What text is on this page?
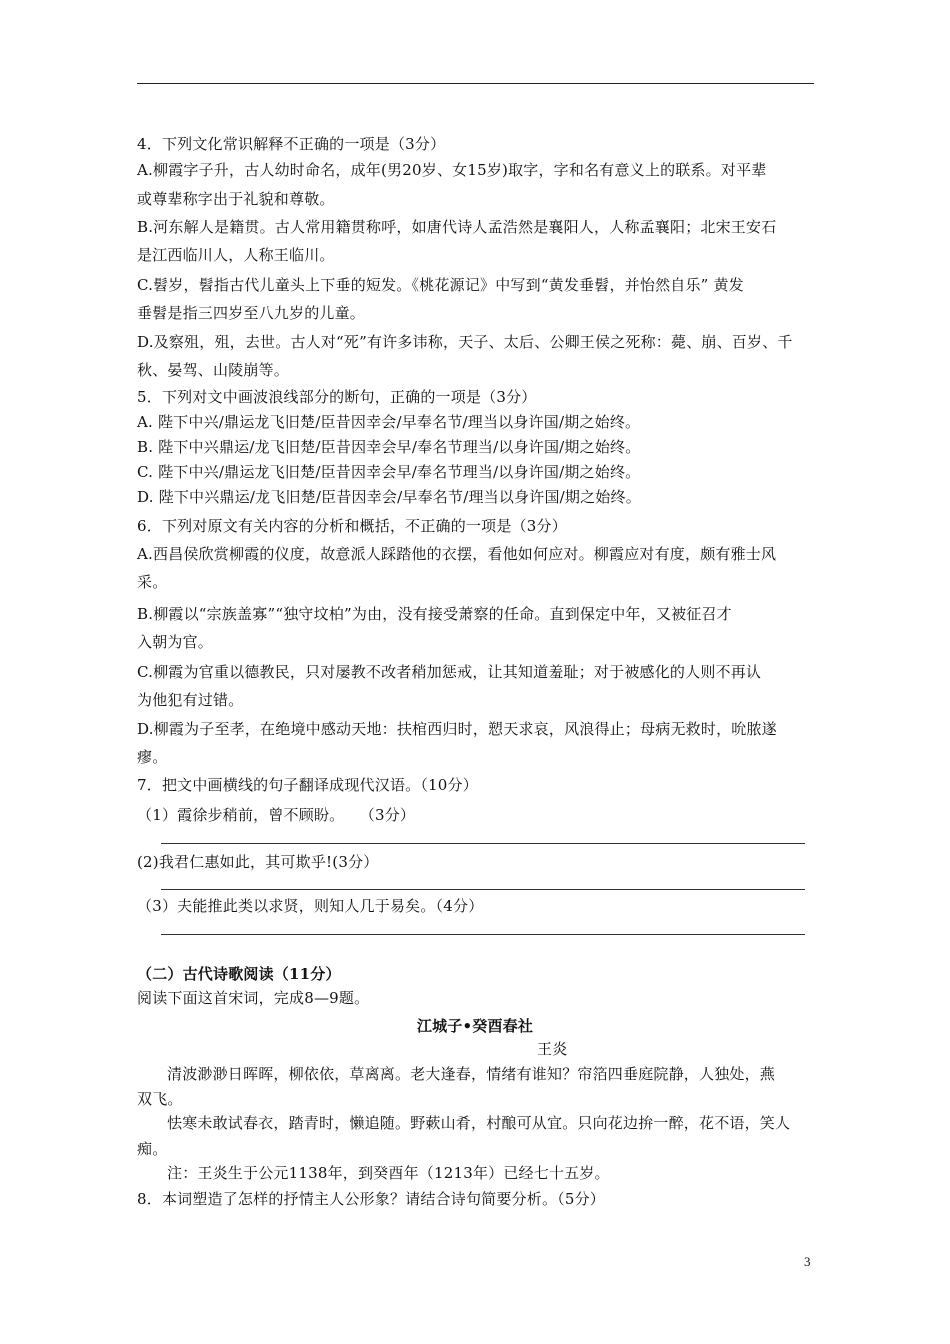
4．下列文化常识解释不正确的一项是（3分）
A.柳霞字子升，古人幼时命名，成年(男20岁、女15岁)取字，字和名有意义上的联系。对平辈
或尊辈称字出于礼貌和尊敬。
B.河东解人是籍贯。古人常用籍贯称呼，如唐代诗人孟浩然是襄阳人，人称孟襄阳；北宋王安石
是江西临川人，人称王临川。
C.髫岁，髫指古代儿童头上下垂的短发。《桃花源记》中写到“黄发垂髫，并怡然自乐” 黄发
垂髫是指三四岁至八九岁的儿童。
D.及察殂，殂，去世。古人对“死”有许多讳称，天子、太后、公卿王侯之死称：薨、崩、百岁、千
秋、晏驾、山陵崩等。
5．下列对文中画波浪线部分的断句，正确的一项是（3分）
A. 陛下中兴/鼎运龙飞旧楚/臣昔因幸会/早奉名节/理当以身许国/期之始终。
B. 陛下中兴鼎运/龙飞旧楚/臣昔因幸会早/奉名节理当/以身许国/期之始终。
C. 陛下中兴/鼎运龙飞旧楚/臣昔因幸会早/奉名节理当/以身许国/期之始终。
D. 陛下中兴鼎运/龙飞旧楚/臣昔因幸会/早奉名节/理当以身许国/期之始终。
6．下列对原文有关内容的分析和概括，不正确的一项是（3分）
A.西昌侯欣赏柳霞的仪度，故意派人踩踏他的衣摆，看他如何应对。柳霞应对有度，颇有雅士风
采。
B.柳霞以“宗族盖寡”“独守坟柏”为由，没有接受萧察的任命。直到保定中年，又被征召才
入朝为官。
C.柳霞为官重以德教民，只对屡教不改者稍加惩戒，让其知道羞耻；对于被感化的人则不再认
为他犯有过错。
D.柳霞为子至孝，在绝境中感动天地：扶棺西归时，愬天求哀，风浪得止；母病无救时，吮脓遂
瘳。
7．把文中画横线的句子翻译成现代汉语。（10分）
（1）霞徐步稍前，曾不顾盼。　　（3分）
(2)我君仁惠如此，其可欺乎!(3分）
（3）夫能推此类以求贤，则知人几于易矣。（4分）
（二）古代诗歌阅读（11分）
阅读下面这首宋词，完成8—9题。
江城子•癸酉春社
王炎
清波渺渺日晖晖，柳依依，草离离。老大逢春，情绪有谁知？帘箔四垂庭院静，人独处，燕
双飞。
怯寒未敢试春衣，踏青时，懒追随。野蔌山肴，村酿可从宜。只向花边拚一醉，花不语，笑人
痴。
注：王炎生于公元1138年，到癸酉年（1213年）已经七十五岁。
8．本词塑造了怎样的抒情主人公形象？请结合诗句简要分析。（5分）
3
